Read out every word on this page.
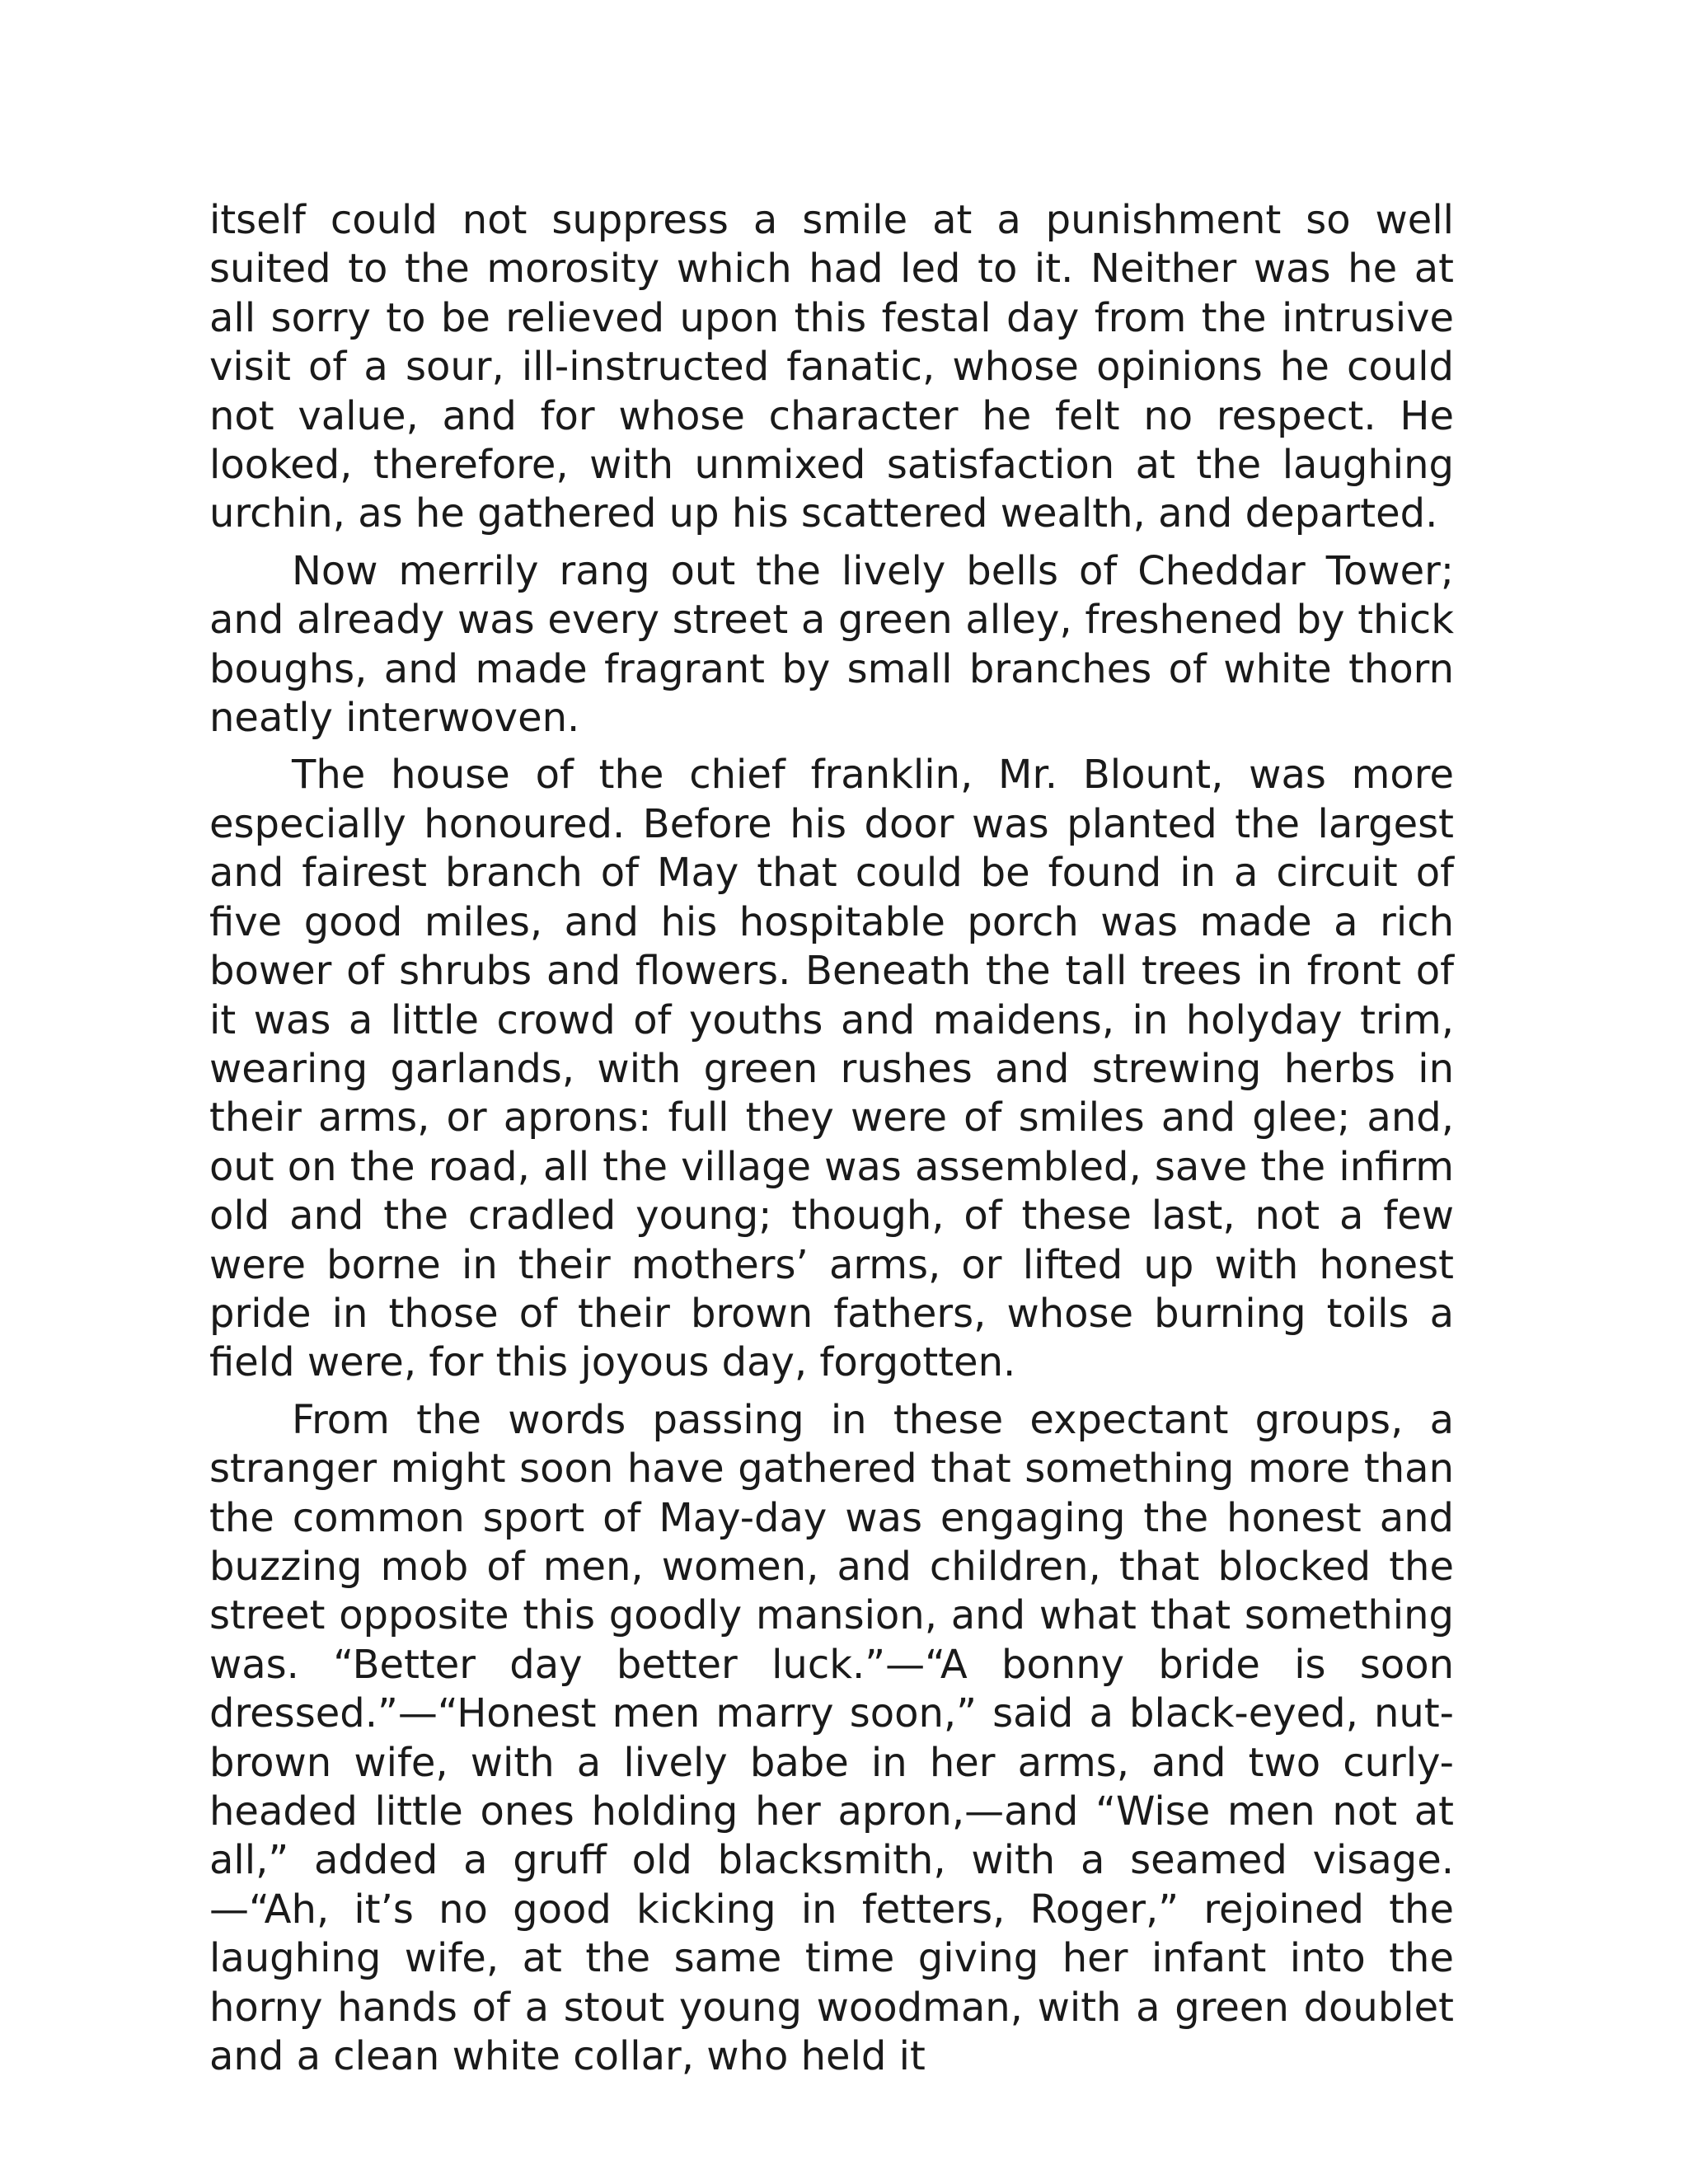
itself could not suppress a smile at a punishment so well suited to the morosity which had led to it. Neither was he at all sorry to be relieved upon this festal day from the intrusive visit of a sour, ill-instructed fanatic, whose opinions he could not value, and for whose character he felt no respect. He looked, therefore, with unmixed satisfaction at the laughing urchin, as he gathered up his scattered wealth, and departed.

Now merrily rang out the lively bells of Cheddar Tower; and already was every street a green alley, freshened by thick boughs, and made fragrant by small branches of white thorn neatly interwoven.

The house of the chief franklin, Mr. Blount, was more especially honoured. Before his door was planted the largest and fairest branch of May that could be found in a circuit of five good miles, and his hospitable porch was made a rich bower of shrubs and flowers. Beneath the tall trees in front of it was a little crowd of youths and maidens, in holyday trim, wearing garlands, with green rushes and strewing herbs in their arms, or aprons: full they were of smiles and glee; and, out on the road, all the village was assembled, save the infirm old and the cradled young; though, of these last, not a few were borne in their mothers’ arms, or lifted up with honest pride in those of their brown fathers, whose burning toils a field were, for this joyous day, forgotten.

From the words passing in these expectant groups, a stranger might soon have gathered that something more than the common sport of May-day was engaging the honest and buzzing mob of men, women, and children, that blocked the street opposite this goodly mansion, and what that something was. “Better day better luck.”—“A bonny bride is soon dressed.”—“Honest men marry soon,” said a black-eyed, nut-brown wife, with a lively babe in her arms, and two curly-headed little ones holding her apron,—and “Wise men not at all,” added a gruff old blacksmith, with a seamed visage.—“Ah, it’s no good kicking in fetters, Roger,” rejoined the laughing wife, at the same time giving her infant into the horny hands of a stout young woodman, with a green doublet and a clean white collar, who held it
